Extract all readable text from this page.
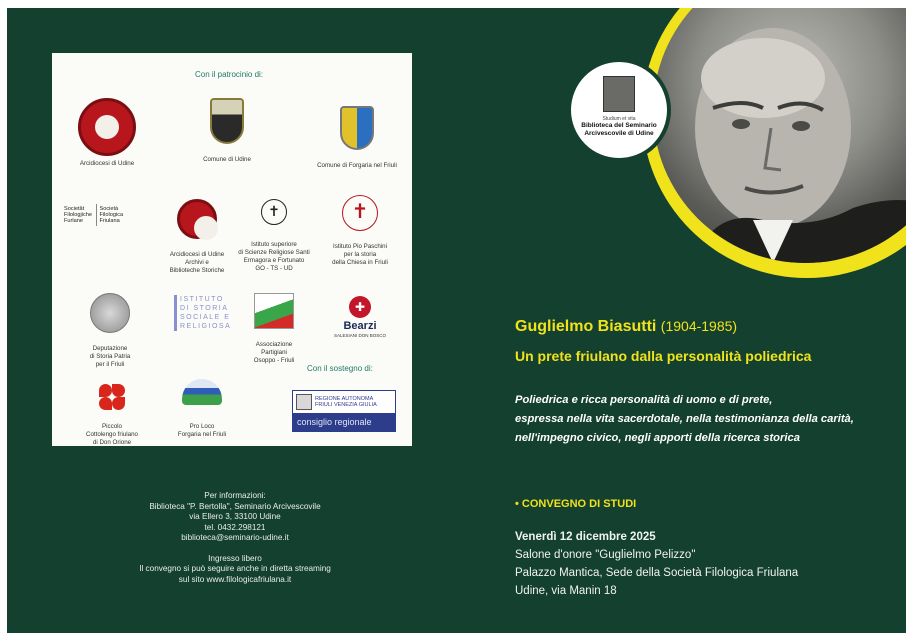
Studium et vita
Biblioteca del Seminario
Arcivescovile di Udine
Con il patrocinio di:
Arcidiocesi di Udine
Comune di Udine
Comune di Forgaria nel Friuli
Societât Filologjiche Furlane
Società Filologica Friulana

Arcidiocesi di Udine
Archivi e
Biblioteche Storiche

✝

Istituto superiore
di Scienze Religiose Santi
Ermagora e Fortunato
GO - TS - UD

✝

Istituto Pio Paschini
per la storia
della Chiesa in Friuli

Deputazione
di Storia Patria
per il Friuli

ISTITUTO
DI STORIA
SOCIALE E
RELIGIOSA

Associazione
Partigiani
Osoppo - Friuli

✚
Bearzi
SALESIANI DON BOSCO
Con il sostegno di:

Piccolo
Cottolengo friulano
di Don Orione

Pro Loco
Forgaria nel Friuli

REGIONE AUTONOMA
FRIULI VENEZIA GIULIA
consiglio regionale
Per informazioni:
Biblioteca "P. Bertolla", Seminario Arcivescovile
via Ellero 3, 33100 Udine
tel. 0432.298121
biblioteca@seminario-udine.it
Ingresso libero
Il convegno si può seguire anche in diretta streaming
sul sito www.filologicafriulana.it
Guglielmo Biasutti (1904-1985)
Un prete friulano dalla personalità poliedrica
Poliedrica e ricca personalità di uomo e di prete,
espressa nella vita sacerdotale, nella testimonianza della carità,
nell'impegno civico, negli apporti della ricerca storica
• CONVEGNO DI STUDI
Venerdì 12 dicembre 2025
Salone d'onore "Guglielmo Pelizzo"
Palazzo Mantica, Sede della Società Filologica Friulana
Udine, via Manin 18
